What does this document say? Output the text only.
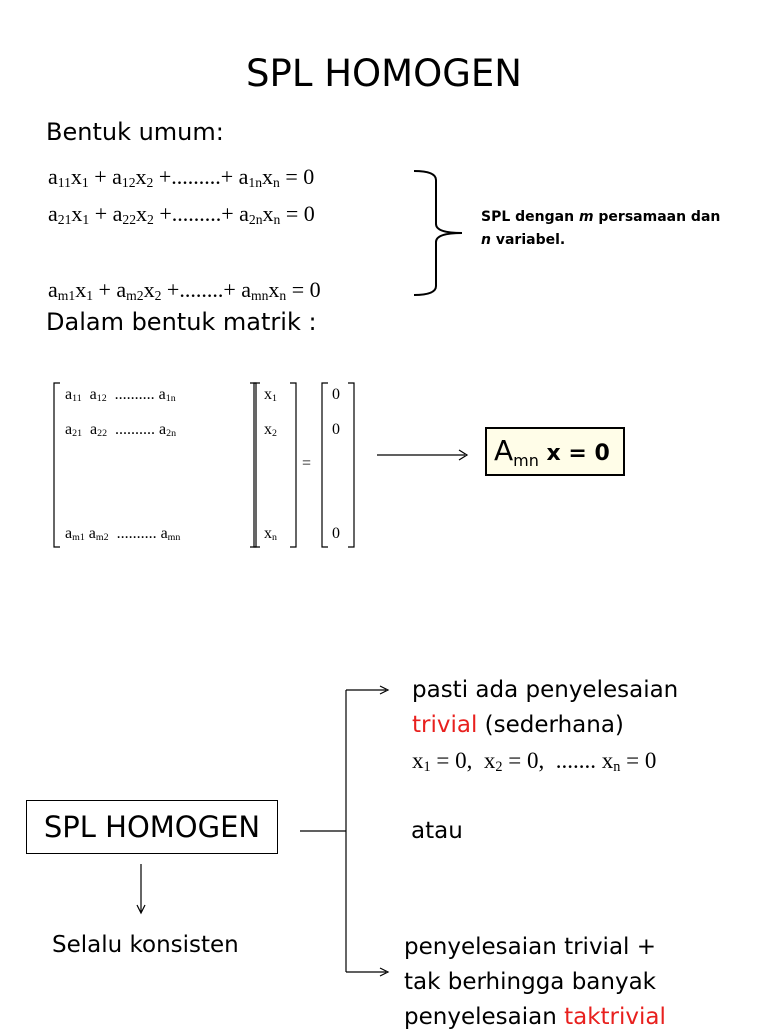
SPL HOMOGEN
Bentuk umum:
$a_{11}x_1 + a_{12}x_2$ +.........+ $a_{1n}x_n = 0$
$a_{21}x_1 + a_{22}x_2$ +.........+ $a_{2n}x_n = 0$
$a_{m1}x_1 + a_{m2}x_2$ +........+ $a_{mn}x_n = 0$
SPL dengan m persamaan dan
n variabel.
Dalam bentuk matrik :
$a_{11}$  $a_{12}$ .......... $a_{1n}$
$a_{21}$  $a_{22}$ .......... $a_{2n}$
$a_{m1}$ $a_{m2}$ .......... $a_{mn}$
$x_1$
$x_2$
$x_n$
=
0
0
0
$A_{mn}$ x = 0
SPL HOMOGEN
Selalu konsisten
pasti ada penyelesaian
trivial (sederhana)
$x_1 = 0$,  $x_2 = 0$, ....... $x_n = 0$
atau
penyelesaian trivial +
tak berhingga banyak
penyelesaian taktrivial
